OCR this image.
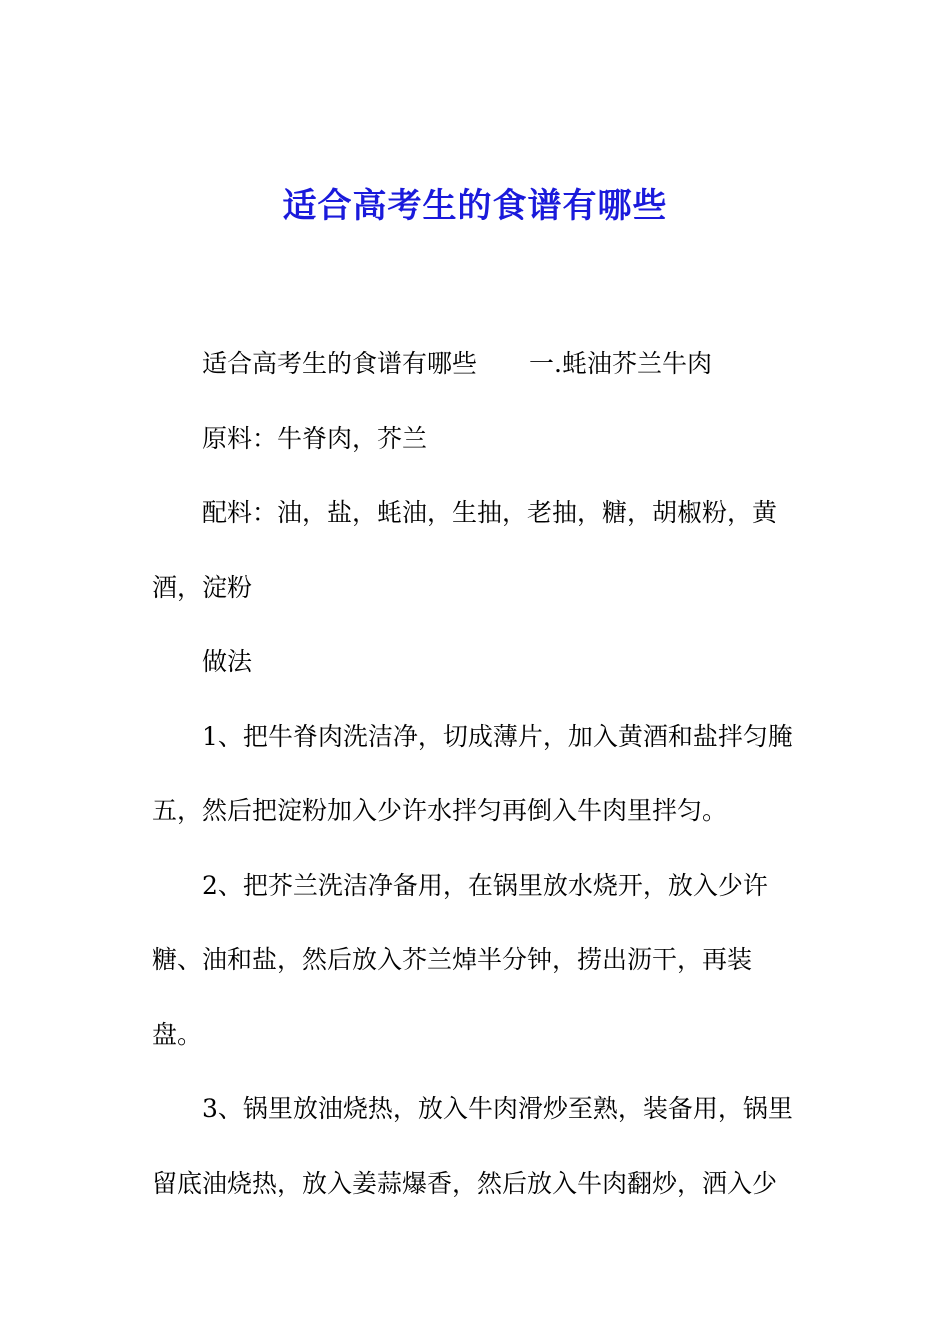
适合高考生的食谱有哪些

适合高考生的食谱有哪些 一.蚝油芥兰牛肉

原料：牛脊肉，芥兰

配料：油，盐，蚝油，生抽，老抽，糖，胡椒粉，黄酒，淀粉

做法

1、把牛脊肉洗洁净，切成薄片，加入黄酒和盐拌匀腌五，然后把淀粉加入少许水拌匀再倒入牛肉里拌匀。

2、把芥兰洗洁净备用，在锅里放水烧开，放入少许糖、油和盐，然后放入芥兰焯半分钟，捞出沥干，再装盘。

3、锅里放油烧热，放入牛肉滑炒至熟，装备用，锅里留底油烧热，放入姜蒜爆香，然后放入牛肉翻炒，洒入少
